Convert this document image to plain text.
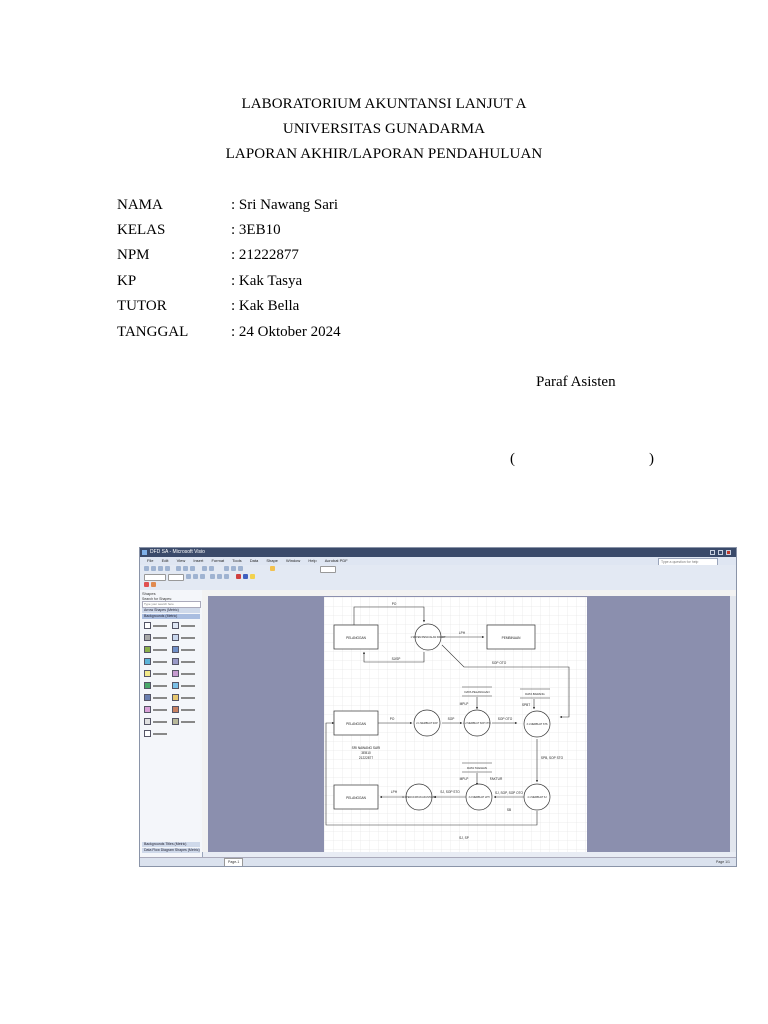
LABORATORIUM AKUNTANSI LANJUT A
UNIVERSITAS GUNADARMA
LAPORAN AKHIR/LAPORAN PENDAHULUAN
NAMA	: Sri Nawang Sari
KELAS	: 3EB10
NPM	: 21222877
KP	: Kak Tasya
TUTOR	: Kak Bella
TANGGAL	: 24 Oktober 2024
Paraf Asisten
(	)
DFD SA - Microsoft Visio
File Edit View Insert Format Tools Data Shape Window Help Acrobat PDF	Type a question for help
Shapes
Search for Shapes:
Type your search here
Arrow Shapes (Metric)
Backgrounds (Metric)
Backgrounds Titles (Metric)
Data Flow Diagram Shapes (Metric)
PELANGGAN	PEMBINAAN
PELANGGAN
PELANGGAN
1 SISTEM PENJUALAN KREDIT
2.1 MEMBUAT SOP	2.2 MEMBUAT SOP OTO	3.1 MEMBUAT STS
3.2 MEMBUAT LPH
3.3 PENCATATAN AKUNTANSI	4.1 MEMBUAT SJ
DATA PELANGGAN	DATA BARANG
DATA TAGIHAN
PO
LPH
SOP OTO
SJ/SP
PO	SOP
MPLP
SOP OTO
SPBT
SPB, SOP STO
MPLP
SJ, SOP, SOP OTO
LPH	SJ, SOP STO
SB
SJ, SP
FAKTUR
SRI NAWANG SARI
3EB10
21222877
Page-1	Page 1/1
